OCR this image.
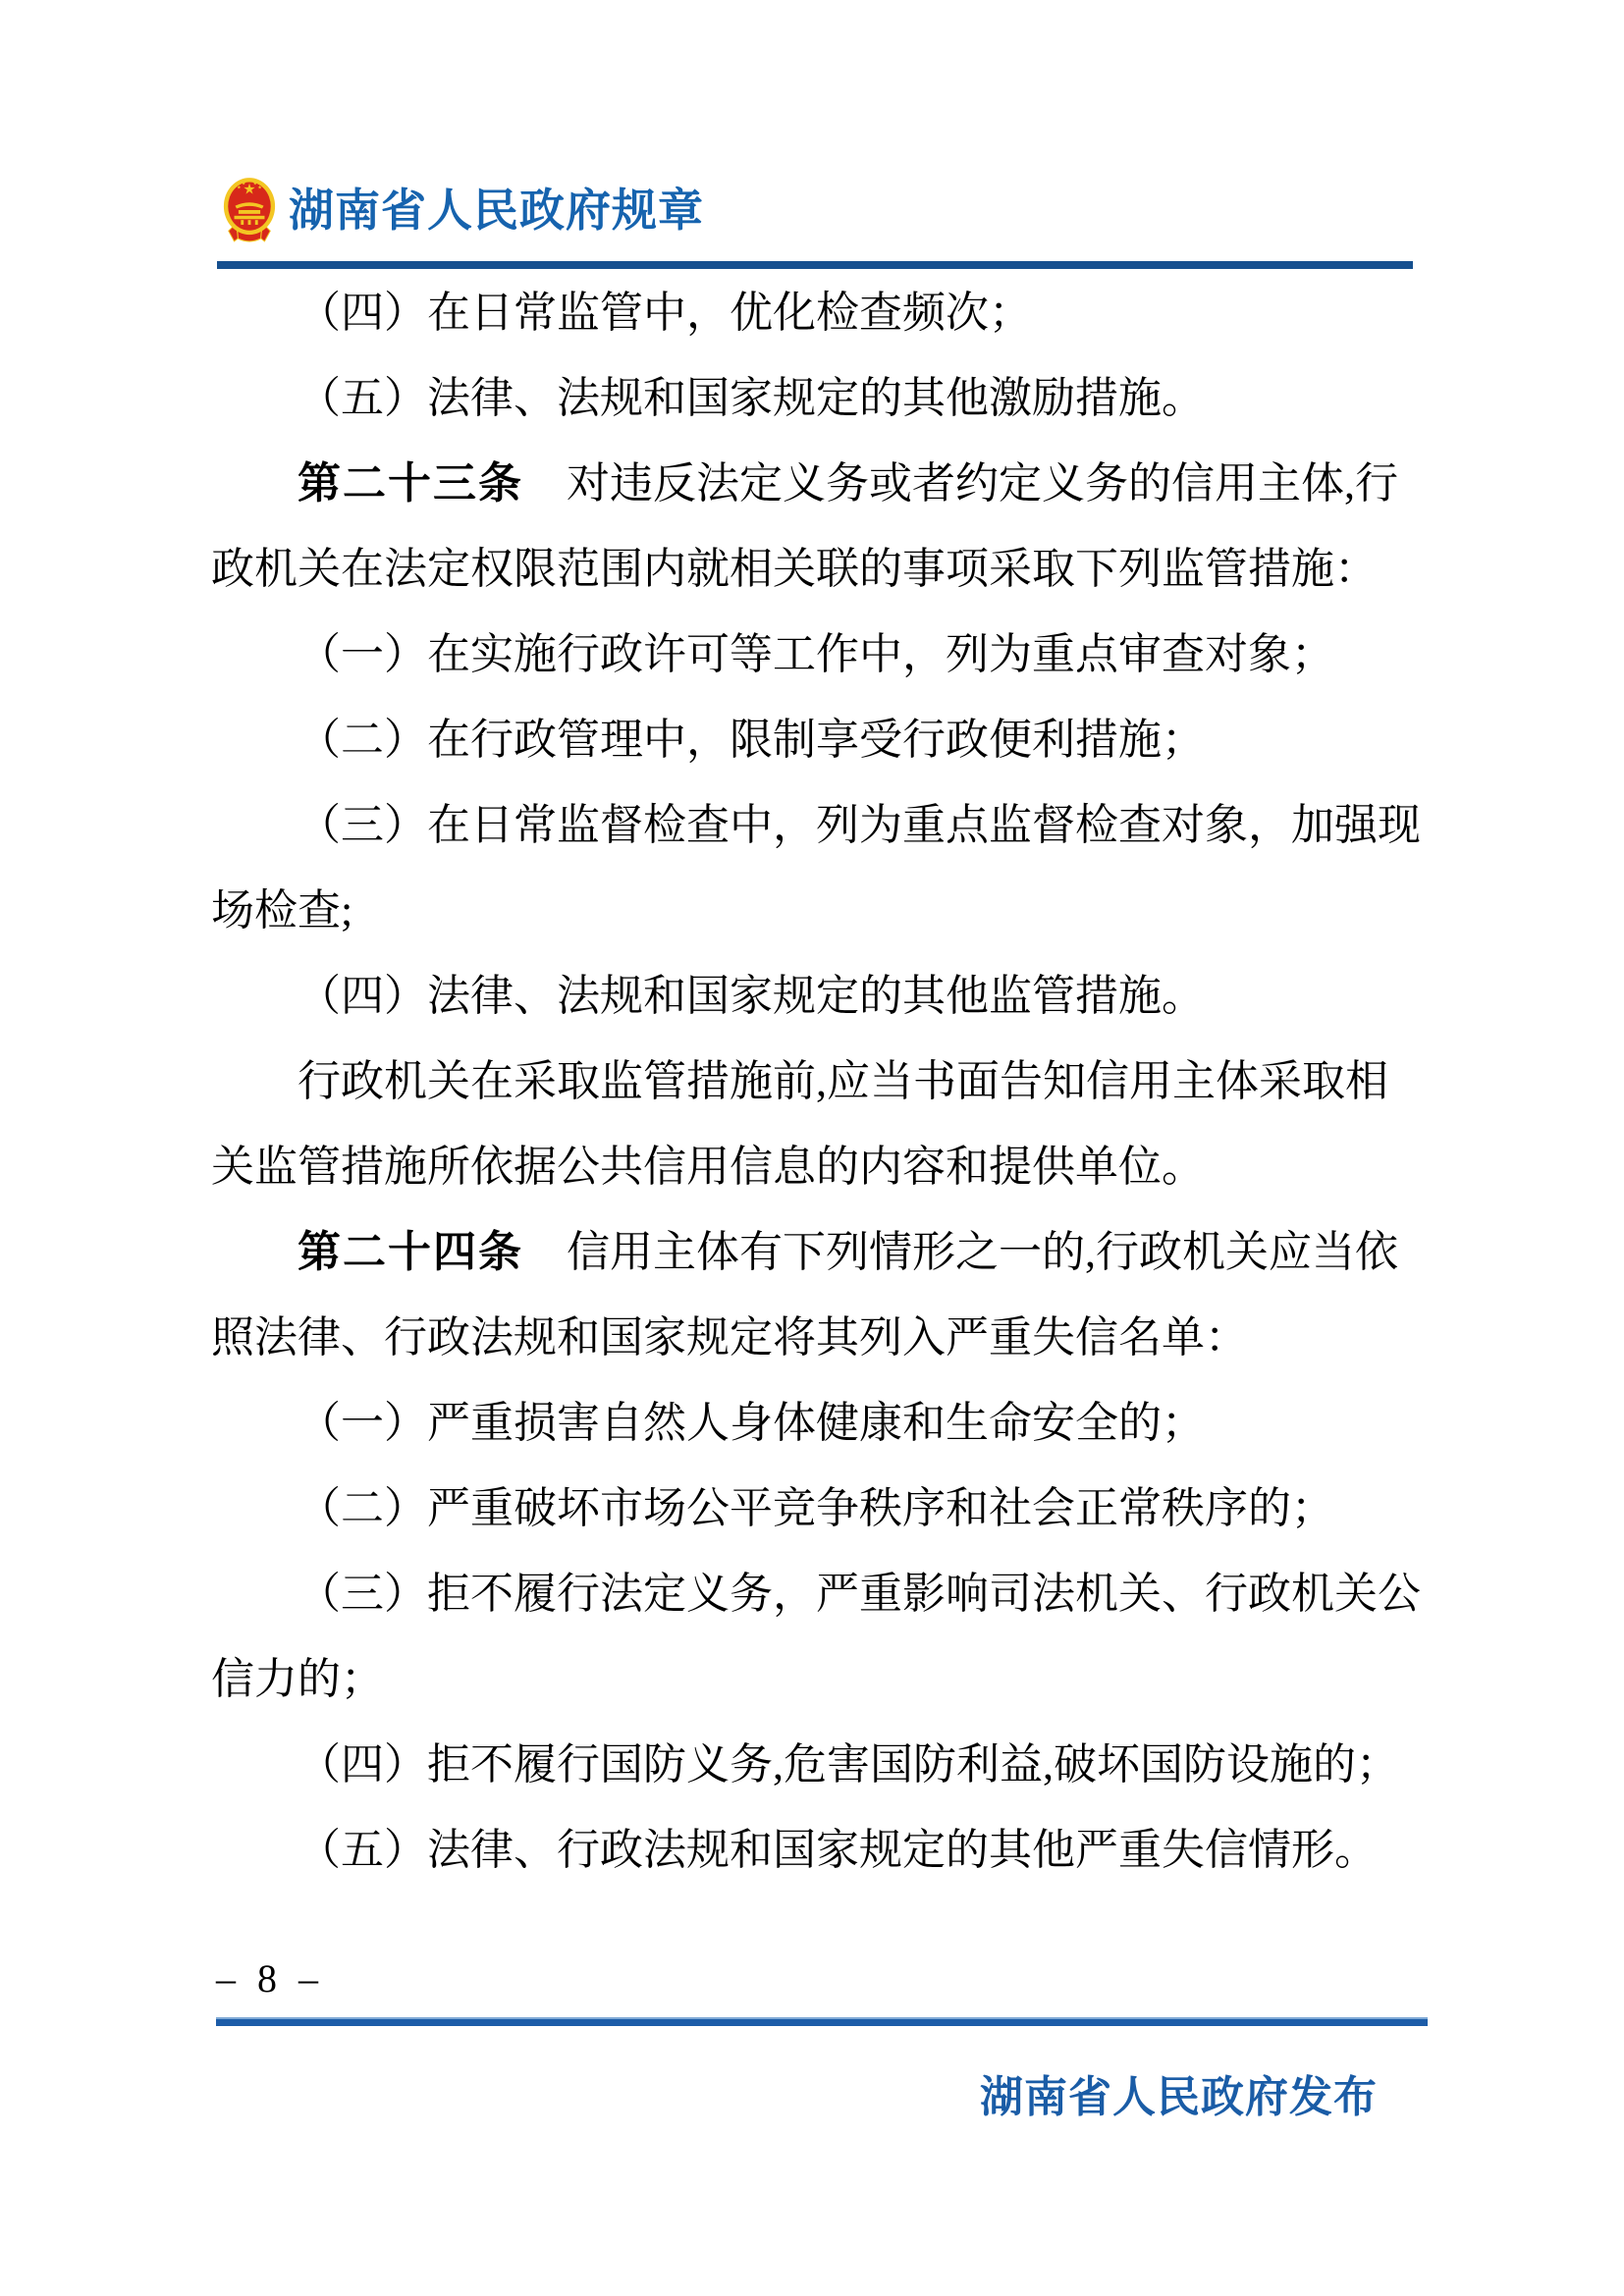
湖南省人民政府规章
（四）在日常监管中，优化检查频次；
（五）法律、法规和国家规定的其他激励措施。
第二十三条 　对违反法定义务或者约定义务的信用主体,行
政机关在法定权限范围内就相关联的事项采取下列监管措施：
（一）在实施行政许可等工作中，列为重点审查对象；
（二）在行政管理中，限制享受行政便利措施；
（三）在日常监督检查中，列为重点监督检查对象，加强现
场检查;
（四）法律、法规和国家规定的其他监管措施。
行政机关在采取监管措施前,应当书面告知信用主体采取相
关监管措施所依据公共信用信息的内容和提供单位。
第二十四条 　信用主体有下列情形之一的,行政机关应当依
照法律、行政法规和国家规定将其列入严重失信名单：
（一）严重损害自然人身体健康和生命安全的；
（二）严重破坏市场公平竞争秩序和社会正常秩序的；
（三）拒不履行法定义务，严重影响司法机关、行政机关公
信力的；
（四）拒不履行国防义务,危害国防利益,破坏国防设施的；
（五）法律、行政法规和国家规定的其他严重失信情形。
– 8 –
湖南省人民政府发布
